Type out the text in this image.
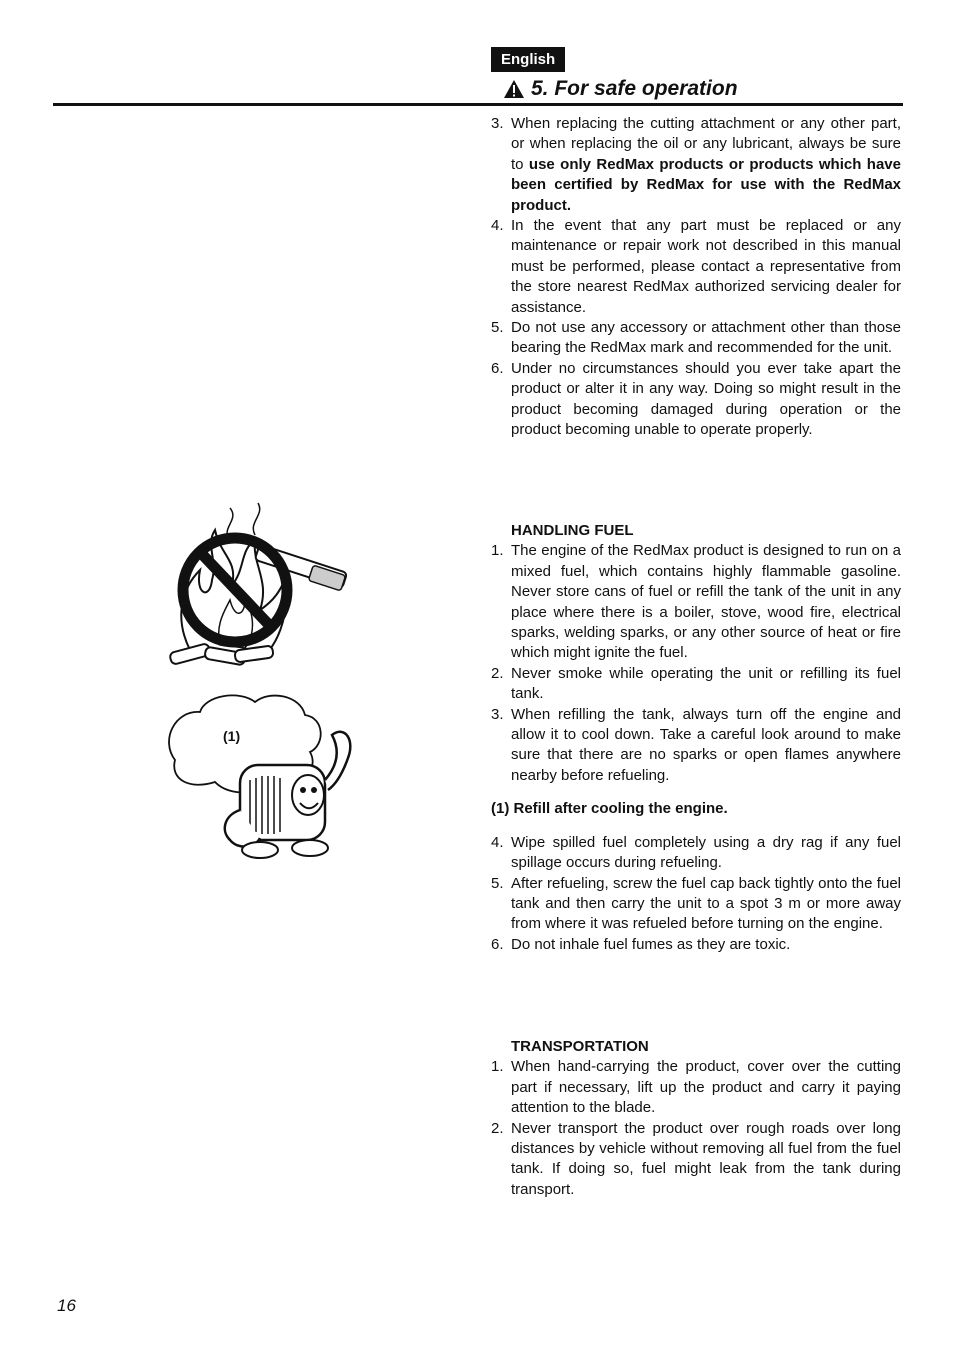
English
5. For safe operation
(1)
3. When replacing the cutting attachment or any other part, or when replacing the oil or any lubricant, always be sure to use only RedMax products or products which have been certified by RedMax for use with the RedMax product.
4. In the event that any part must be replaced or any maintenance or repair work not described in this manual must be performed, please contact a representative from the store nearest RedMax authorized servicing dealer for assistance.
5. Do not use any accessory or attachment other than those bearing the RedMax mark and recommended for the unit.
6. Under no circumstances should you ever take apart the product or alter it in any way. Doing so might result in the product becoming damaged during operation or the product becoming unable to operate properly.
HANDLING FUEL
1. The engine of the RedMax product is designed to run on a mixed fuel, which contains highly flammable gasoline. Never store cans of fuel or refill the tank of the unit in any place where there is a boiler, stove, wood fire, electrical sparks, welding sparks, or any other source of heat or fire which might ignite the fuel.
2. Never smoke while operating the unit or refilling its fuel tank.
3. When refilling the tank, always turn off the engine and allow it to cool down. Take a careful look around to make sure that there are no sparks or open flames anywhere nearby before refueling.
(1) Refill after cooling the engine.
4. Wipe spilled fuel completely using a dry rag if any fuel spillage occurs during refueling.
5. After refueling, screw the fuel cap back tightly onto the fuel tank and then carry the unit to a spot 3 m or more away from where it was refueled before turning on the engine.
6. Do not inhale fuel fumes as they are toxic.
TRANSPORTATION
1. When hand-carrying the product, cover over the cutting part if necessary, lift up the product and carry it paying attention to the blade.
2. Never transport the product over rough roads over long distances by vehicle without removing all fuel from the fuel tank. If doing so, fuel might leak from the tank during transport.
16
